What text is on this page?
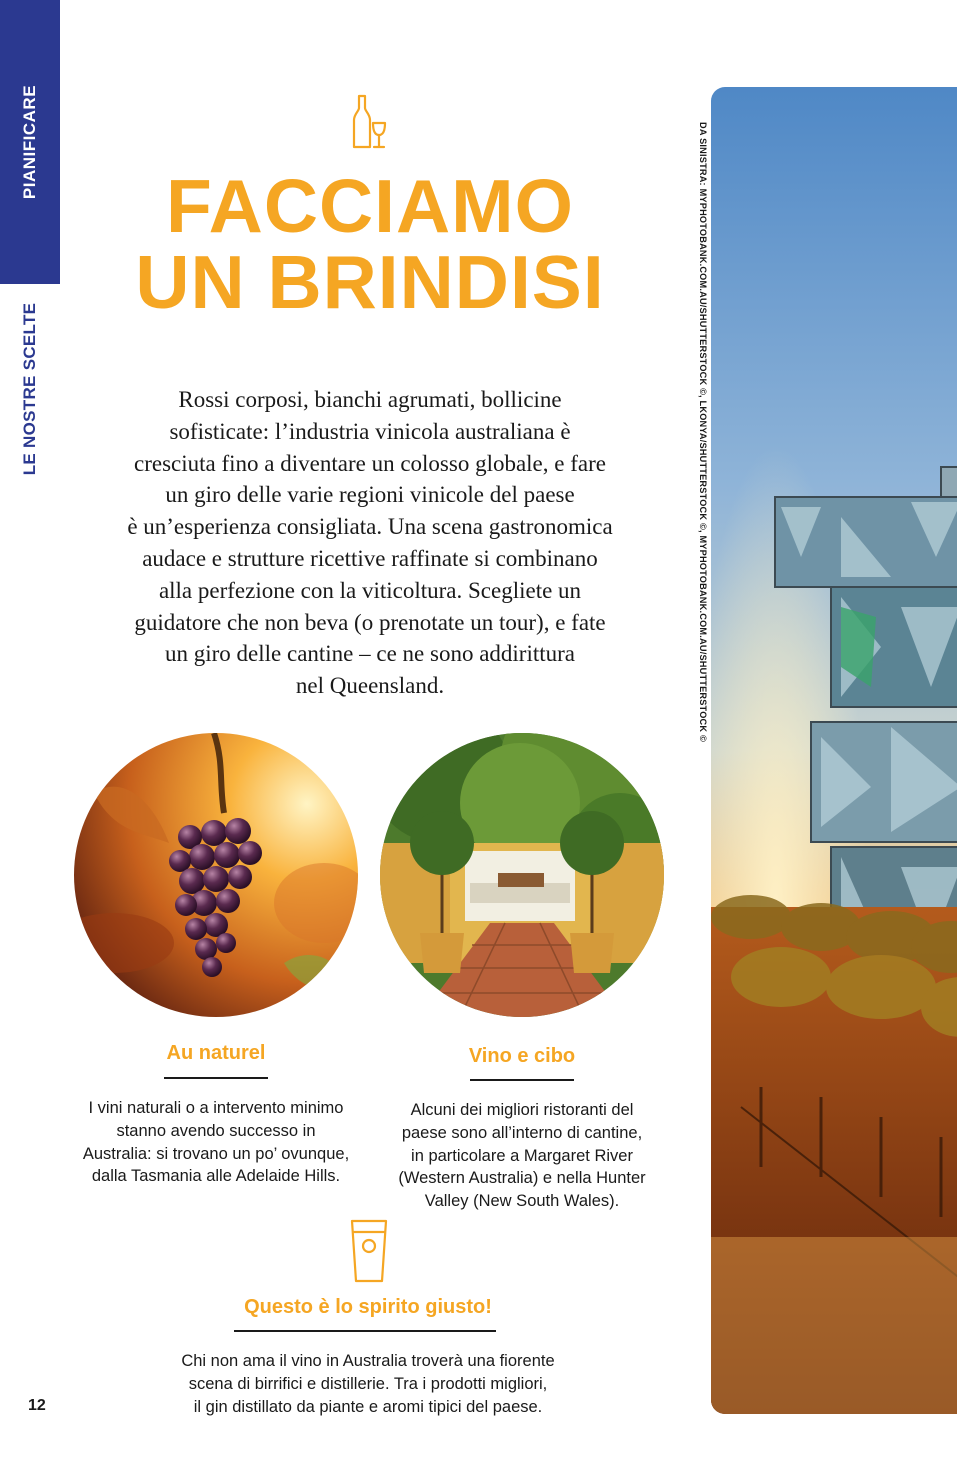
PIANIFICARE
LE NOSTRE SCELTE
12
FACCIAMO
UN BRINDISI
Rossi corposi, bianchi agrumati, bollicine
sofisticate: l’industria vinicola australiana è
cresciuta fino a diventare un colosso globale, e fare
un giro delle varie regioni vinicole del paese
è un’esperienza consigliata. Una scena gastronomica
audace e strutture ricettive raffinate si combinano
alla perfezione con la viticoltura. Scegliete un
guidatore che non beva (o prenotate un tour), e fate
un giro delle cantine – ce ne sono addirittura
nel Queensland.
Au naturel
I vini naturali o a intervento minimo
stanno avendo successo in
Australia: si trovano un po’ ovunque,
dalla Tasmania alle Adelaide Hills.
Vino e cibo
Alcuni dei migliori ristoranti del
paese sono all’interno di cantine,
in particolare a Margaret River
(Western Australia) e nella Hunter
Valley (New South Wales).
Questo è lo spirito giusto!
Chi non ama il vino in Australia troverà una fiorente
scena di birrifici e distillerie. Tra i prodotti migliori,
il gin distillato da piante e aromi tipici del paese.
DA SINISTRA: MYPHOTOBANK.COM.AU/SHUTTERSTOCK ©, LKONYA/SHUTTERSTOCK ©, MYPHOTOBANK.COM.AU/SHUTTERSTOCK ©
